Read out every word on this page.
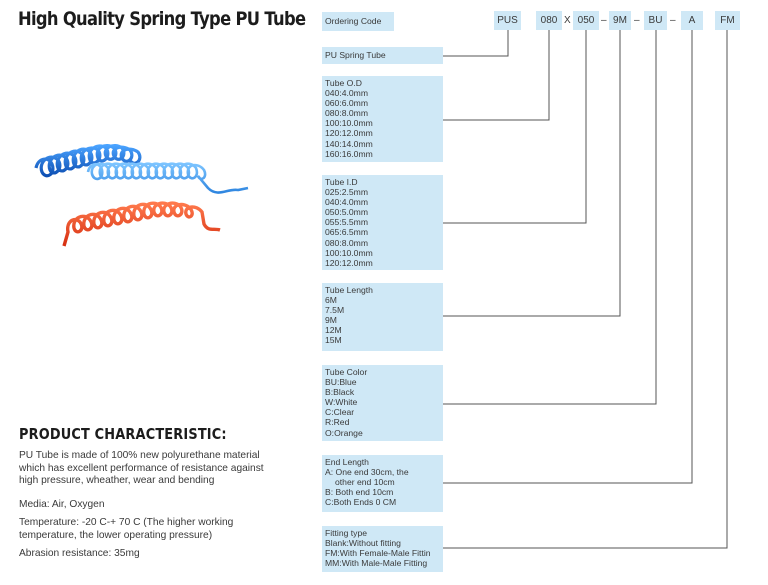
High Quality Spring Type PU Tube
PRODUCT CHARACTERISTIC:
PU Tube is made of 100% new polyurethane material
which has excellent performance of resistance against
high pressure, wheather, wear and bending
Media: Air, Oxygen
Temperature: -20 C-+ 70 C (The higher working
temperature, the lower operating pressure)
Abrasion resistance: 35mg
Ordering Code	PUS	080 X 050 – 9M – BU –	A	FM
PU Spring Tube
Tube O.D
040:4.0mm
060:6.0mm
080:8.0mm
100:10.0mm
120:12.0mm
140:14.0mm
160:16.0mm
Tube I.D
025:2.5mm
040:4.0mm
050:5.0mm
055:5.5mm
065:6.5mm
080:8.0mm
100:10.0mm
120:12.0mm
Tube Length
6M
7.5M
9M
12M
15M
Tube Color
BU:Blue
B:Black
W:White
C:Clear
R:Red
O:Orange
End Length
A: One end 30cm, the
other end 10cm
B: Both end 10cm
C:Both Ends 0 CM
Fitting type
Blank:Without fitting
FM:With Female-Male Fittin
MM:With Male-Male Fitting
